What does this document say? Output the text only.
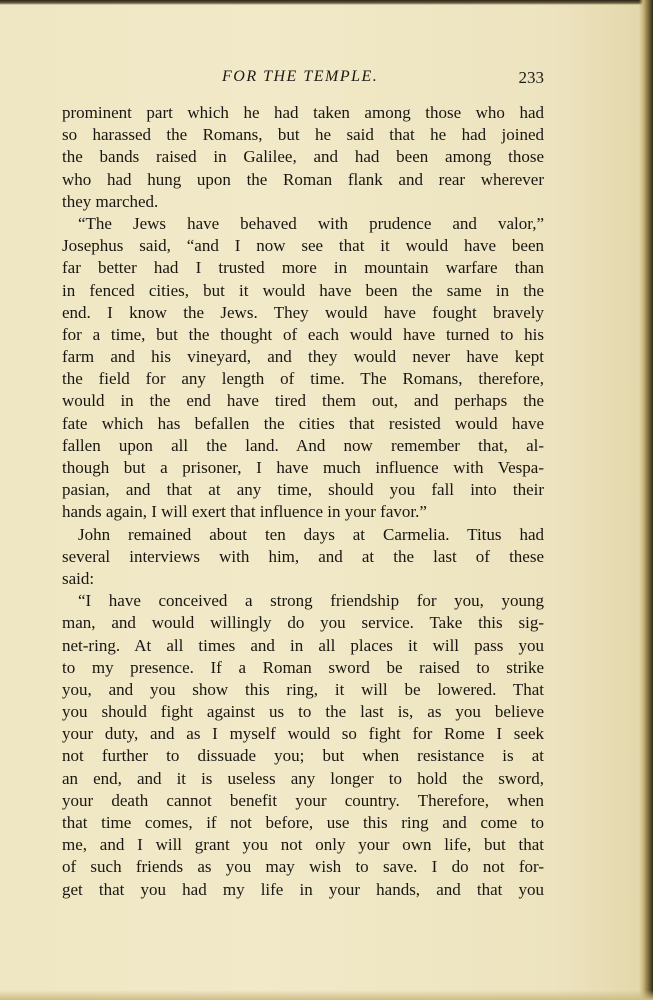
FOR THE TEMPLE.	233
prominent part which he had taken among those who had
so harassed the Romans, but he said that he had joined
the bands raised in Galilee, and had been among those
who had hung upon the Roman flank and rear wherever
they marched.
“The Jews have behaved with prudence and valor,”
Josephus said, “and I now see that it would have been
far better had I trusted more in mountain warfare than
in fenced cities, but it would have been the same in the
end. I know the Jews. They would have fought bravely
for a time, but the thought of each would have turned to his
farm and his vineyard, and they would never have kept
the field for any length of time. The Romans, therefore,
would in the end have tired them out, and perhaps the
fate which has befallen the cities that resisted would have
fallen upon all the land. And now remember that, al-
though but a prisoner, I have much influence with Vespa-
pasian, and that at any time, should you fall into their
hands again, I will exert that influence in your favor.”
John remained about ten days at Carmelia. Titus had
several interviews with him, and at the last of these
said:
“I have conceived a strong friendship for you, young
man, and would willingly do you service. Take this sig-
net-ring. At all times and in all places it will pass you
to my presence. If a Roman sword be raised to strike
you, and you show this ring, it will be lowered. That
you should fight against us to the last is, as you believe
your duty, and as I myself would so fight for Rome I seek
not further to dissuade you; but when resistance is at
an end, and it is useless any longer to hold the sword,
your death cannot benefit your country. Therefore, when
that time comes, if not before, use this ring and come to
me, and I will grant you not only your own life, but that
of such friends as you may wish to save. I do not for-
get that you had my life in your hands, and that you
